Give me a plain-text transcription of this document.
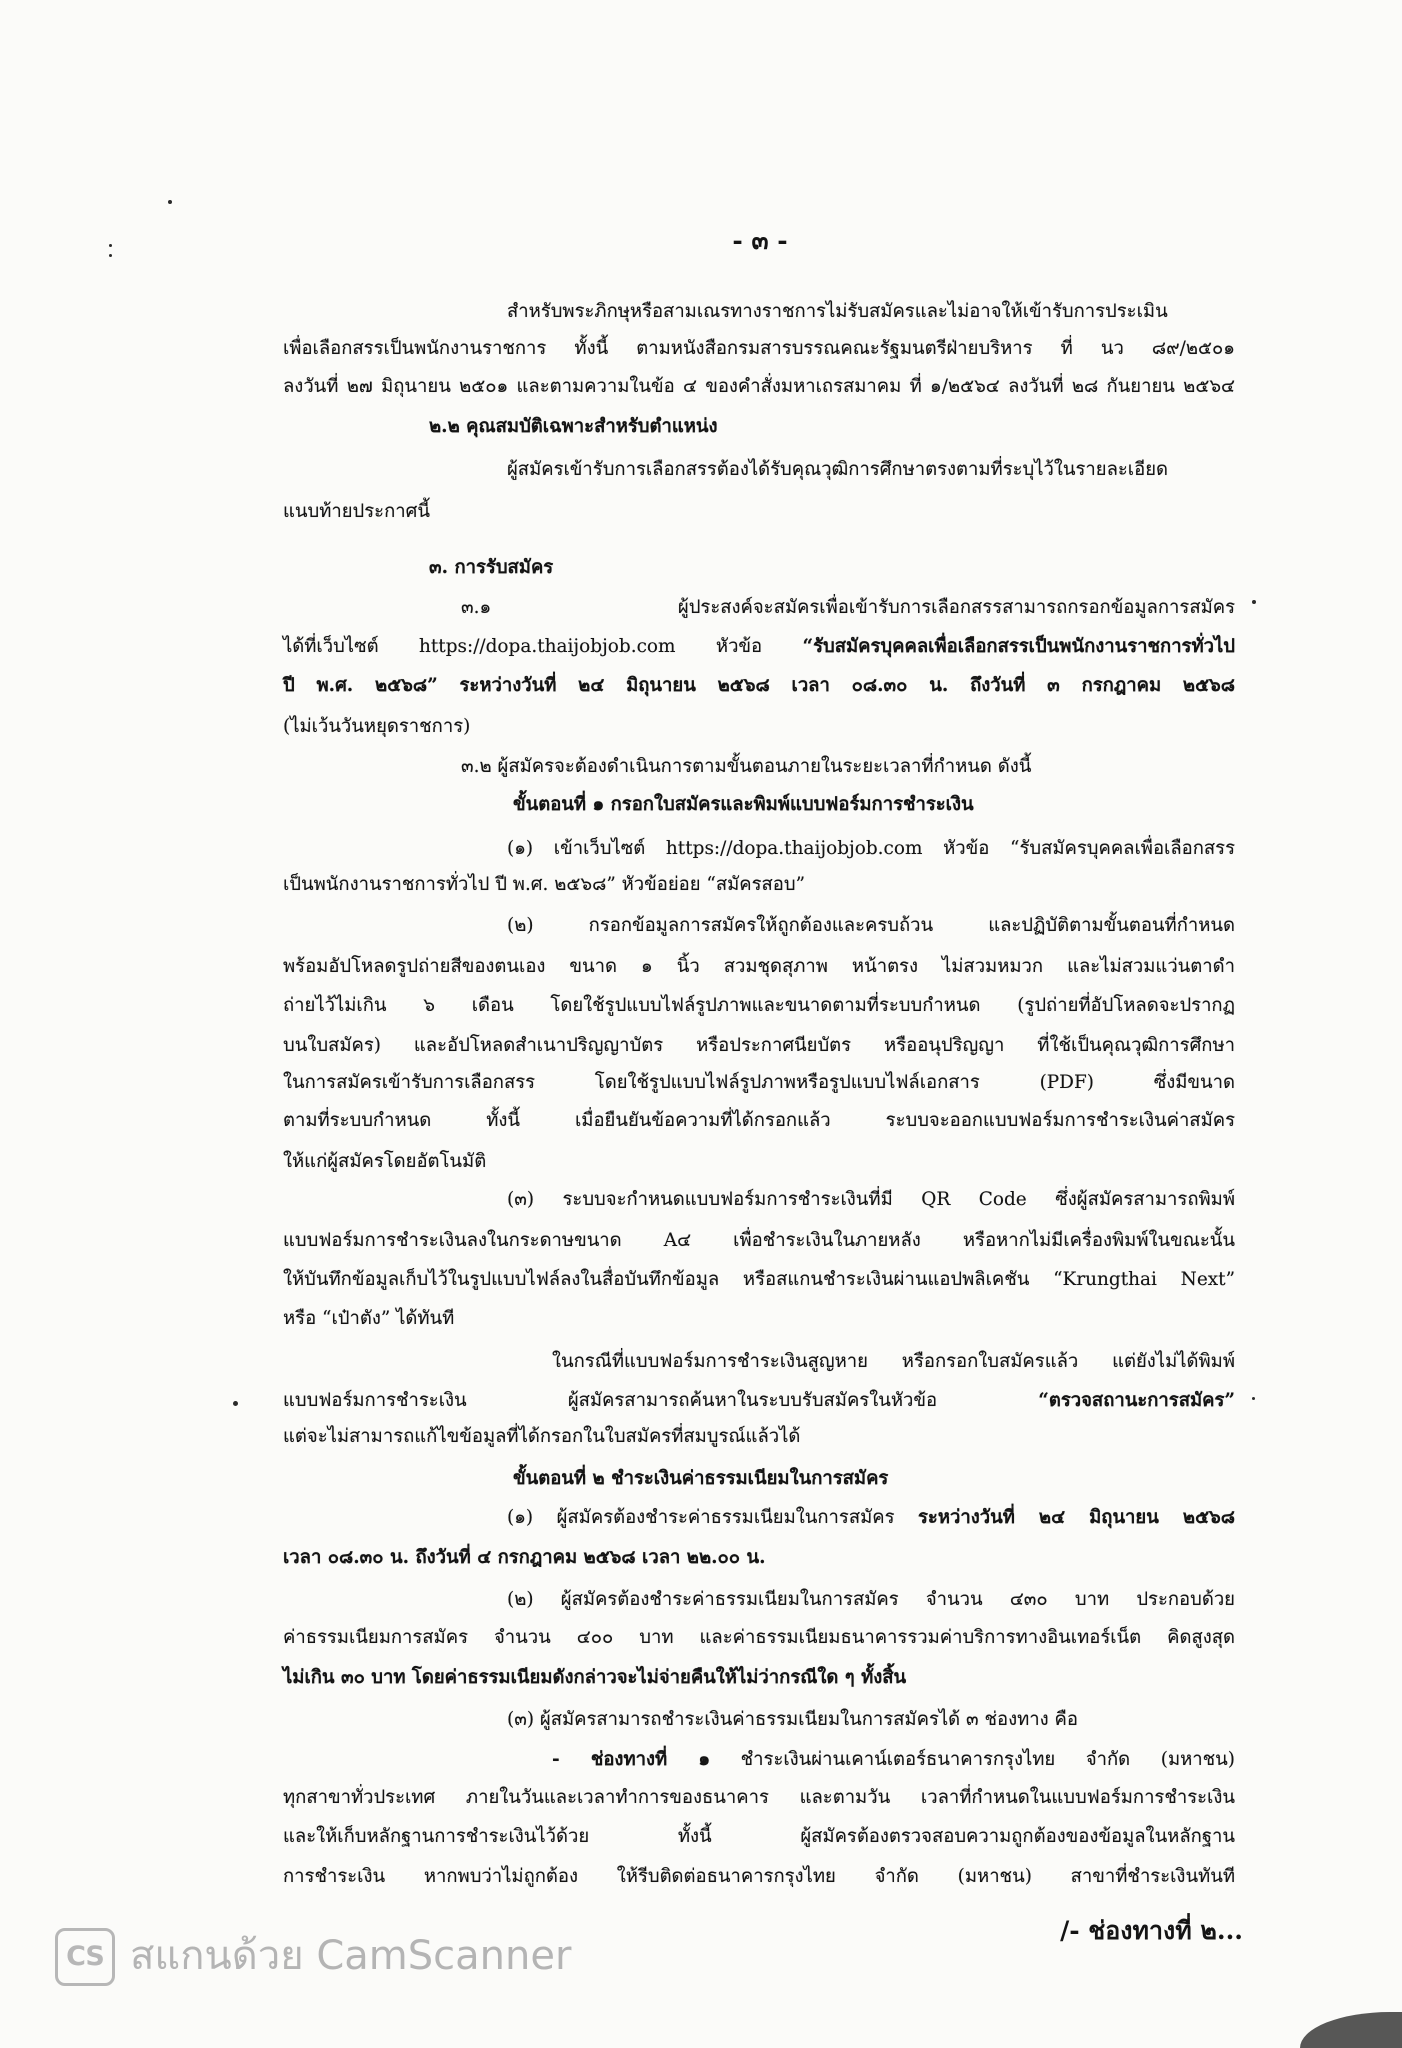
- ๓ -
สำหรับพระภิกษุหรือสามเณรทางราชการไม่รับสมัครและไม่อาจให้เข้ารับการประเมิน
เพื่อเลือกสรรเป็นพนักงานราชการ ทั้งนี้ ตามหนังสือกรมสารบรรณคณะรัฐมนตรีฝ่ายบริหาร ที่ นว ๘๙/๒๕๐๑
ลงวันที่ ๒๗ มิถุนายน ๒๕๐๑ และตามความในข้อ ๔ ของคำสั่งมหาเถรสมาคม ที่ ๑/๒๕๖๔ ลงวันที่ ๒๘ กันยายน ๒๕๖๔
๒.๒ คุณสมบัติเฉพาะสำหรับตำแหน่ง
ผู้สมัครเข้ารับการเลือกสรรต้องได้รับคุณวุฒิการศึกษาตรงตามที่ระบุไว้ในรายละเอียด
แนบท้ายประกาศนี้
๓. การรับสมัคร
๓.๑ ผู้ประสงค์จะสมัครเพื่อเข้ารับการเลือกสรรสามารถกรอกข้อมูลการสมัคร
ได้ที่เว็บไซต์ https://dopa.thaijobjob.com หัวข้อ “รับสมัครบุคคลเพื่อเลือกสรรเป็นพนักงานราชการทั่วไป
ปี พ.ศ. ๒๕๖๘” ระหว่างวันที่ ๒๔ มิถุนายน ๒๕๖๘ เวลา ๐๘.๓๐ น. ถึงวันที่ ๓ กรกฎาคม ๒๕๖๘
(ไม่เว้นวันหยุดราชการ)
๓.๒ ผู้สมัครจะต้องดำเนินการตามขั้นตอนภายในระยะเวลาที่กำหนด ดังนี้
ขั้นตอนที่ ๑ กรอกใบสมัครและพิมพ์แบบฟอร์มการชำระเงิน
(๑) เข้าเว็บไซต์ https://dopa.thaijobjob.com หัวข้อ “รับสมัครบุคคลเพื่อเลือกสรร
เป็นพนักงานราชการทั่วไป ปี พ.ศ. ๒๕๖๘” หัวข้อย่อย “สมัครสอบ”
(๒) กรอกข้อมูลการสมัครให้ถูกต้องและครบถ้วน และปฏิบัติตามขั้นตอนที่กำหนด
พร้อมอัปโหลดรูปถ่ายสีของตนเอง ขนาด ๑ นิ้ว สวมชุดสุภาพ หน้าตรง ไม่สวมหมวก และไม่สวมแว่นตาดำ
ถ่ายไว้ไม่เกิน ๖ เดือน โดยใช้รูปแบบไฟล์รูปภาพและขนาดตามที่ระบบกำหนด (รูปถ่ายที่อัปโหลดจะปรากฏ
บนใบสมัคร) และอัปโหลดสำเนาปริญญาบัตร หรือประกาศนียบัตร หรืออนุปริญญา ที่ใช้เป็นคุณวุฒิการศึกษา
ในการสมัครเข้ารับการเลือกสรร โดยใช้รูปแบบไฟล์รูปภาพหรือรูปแบบไฟล์เอกสาร (PDF) ซึ่งมีขนาด
ตามที่ระบบกำหนด ทั้งนี้ เมื่อยืนยันข้อความที่ได้กรอกแล้ว ระบบจะออกแบบฟอร์มการชำระเงินค่าสมัคร
ให้แก่ผู้สมัครโดยอัตโนมัติ
(๓) ระบบจะกำหนดแบบฟอร์มการชำระเงินที่มี QR Code ซึ่งผู้สมัครสามารถพิมพ์
แบบฟอร์มการชำระเงินลงในกระดาษขนาด A๔ เพื่อชำระเงินในภายหลัง หรือหากไม่มีเครื่องพิมพ์ในขณะนั้น
ให้บันทึกข้อมูลเก็บไว้ในรูปแบบไฟล์ลงในสื่อบันทึกข้อมูล หรือสแกนชำระเงินผ่านแอปพลิเคชัน “Krungthai Next”
หรือ “เป๋าตัง” ได้ทันที
ในกรณีที่แบบฟอร์มการชำระเงินสูญหาย หรือกรอกใบสมัครแล้ว แต่ยังไม่ได้พิมพ์
แบบฟอร์มการชำระเงิน ผู้สมัครสามารถค้นหาในระบบรับสมัครในหัวข้อ “ตรวจสถานะการสมัคร”
แต่จะไม่สามารถแก้ไขข้อมูลที่ได้กรอกในใบสมัครที่สมบูรณ์แล้วได้
ขั้นตอนที่ ๒ ชำระเงินค่าธรรมเนียมในการสมัคร
(๑) ผู้สมัครต้องชำระค่าธรรมเนียมในการสมัคร ระหว่างวันที่ ๒๔ มิถุนายน ๒๕๖๘
เวลา ๐๘.๓๐ น. ถึงวันที่ ๔ กรกฎาคม ๒๕๖๘ เวลา ๒๒.๐๐ น.
(๒) ผู้สมัครต้องชำระค่าธรรมเนียมในการสมัคร จำนวน ๔๓๐ บาท ประกอบด้วย
ค่าธรรมเนียมการสมัคร จำนวน ๔๐๐ บาท และค่าธรรมเนียมธนาคารรวมค่าบริการทางอินเทอร์เน็ต คิดสูงสุด
ไม่เกิน ๓๐ บาท โดยค่าธรรมเนียมดังกล่าวจะไม่จ่ายคืนให้ไม่ว่ากรณีใด ๆ ทั้งสิ้น
(๓) ผู้สมัครสามารถชำระเงินค่าธรรมเนียมในการสมัครได้ ๓ ช่องทาง คือ
- ช่องทางที่ ๑ ชำระเงินผ่านเคาน์เตอร์ธนาคารกรุงไทย จำกัด (มหาชน)
ทุกสาขาทั่วประเทศ ภายในวันและเวลาทำการของธนาคาร และตามวัน เวลาที่กำหนดในแบบฟอร์มการชำระเงิน
และให้เก็บหลักฐานการชำระเงินไว้ด้วย ทั้งนี้ ผู้สมัครต้องตรวจสอบความถูกต้องของข้อมูลในหลักฐาน
การชำระเงิน หากพบว่าไม่ถูกต้อง ให้รีบติดต่อธนาคารกรุงไทย จำกัด (มหาชน) สาขาที่ชำระเงินทันที
/- ช่องทางที่ ๒...
CS สแกนด้วย CamScanner
